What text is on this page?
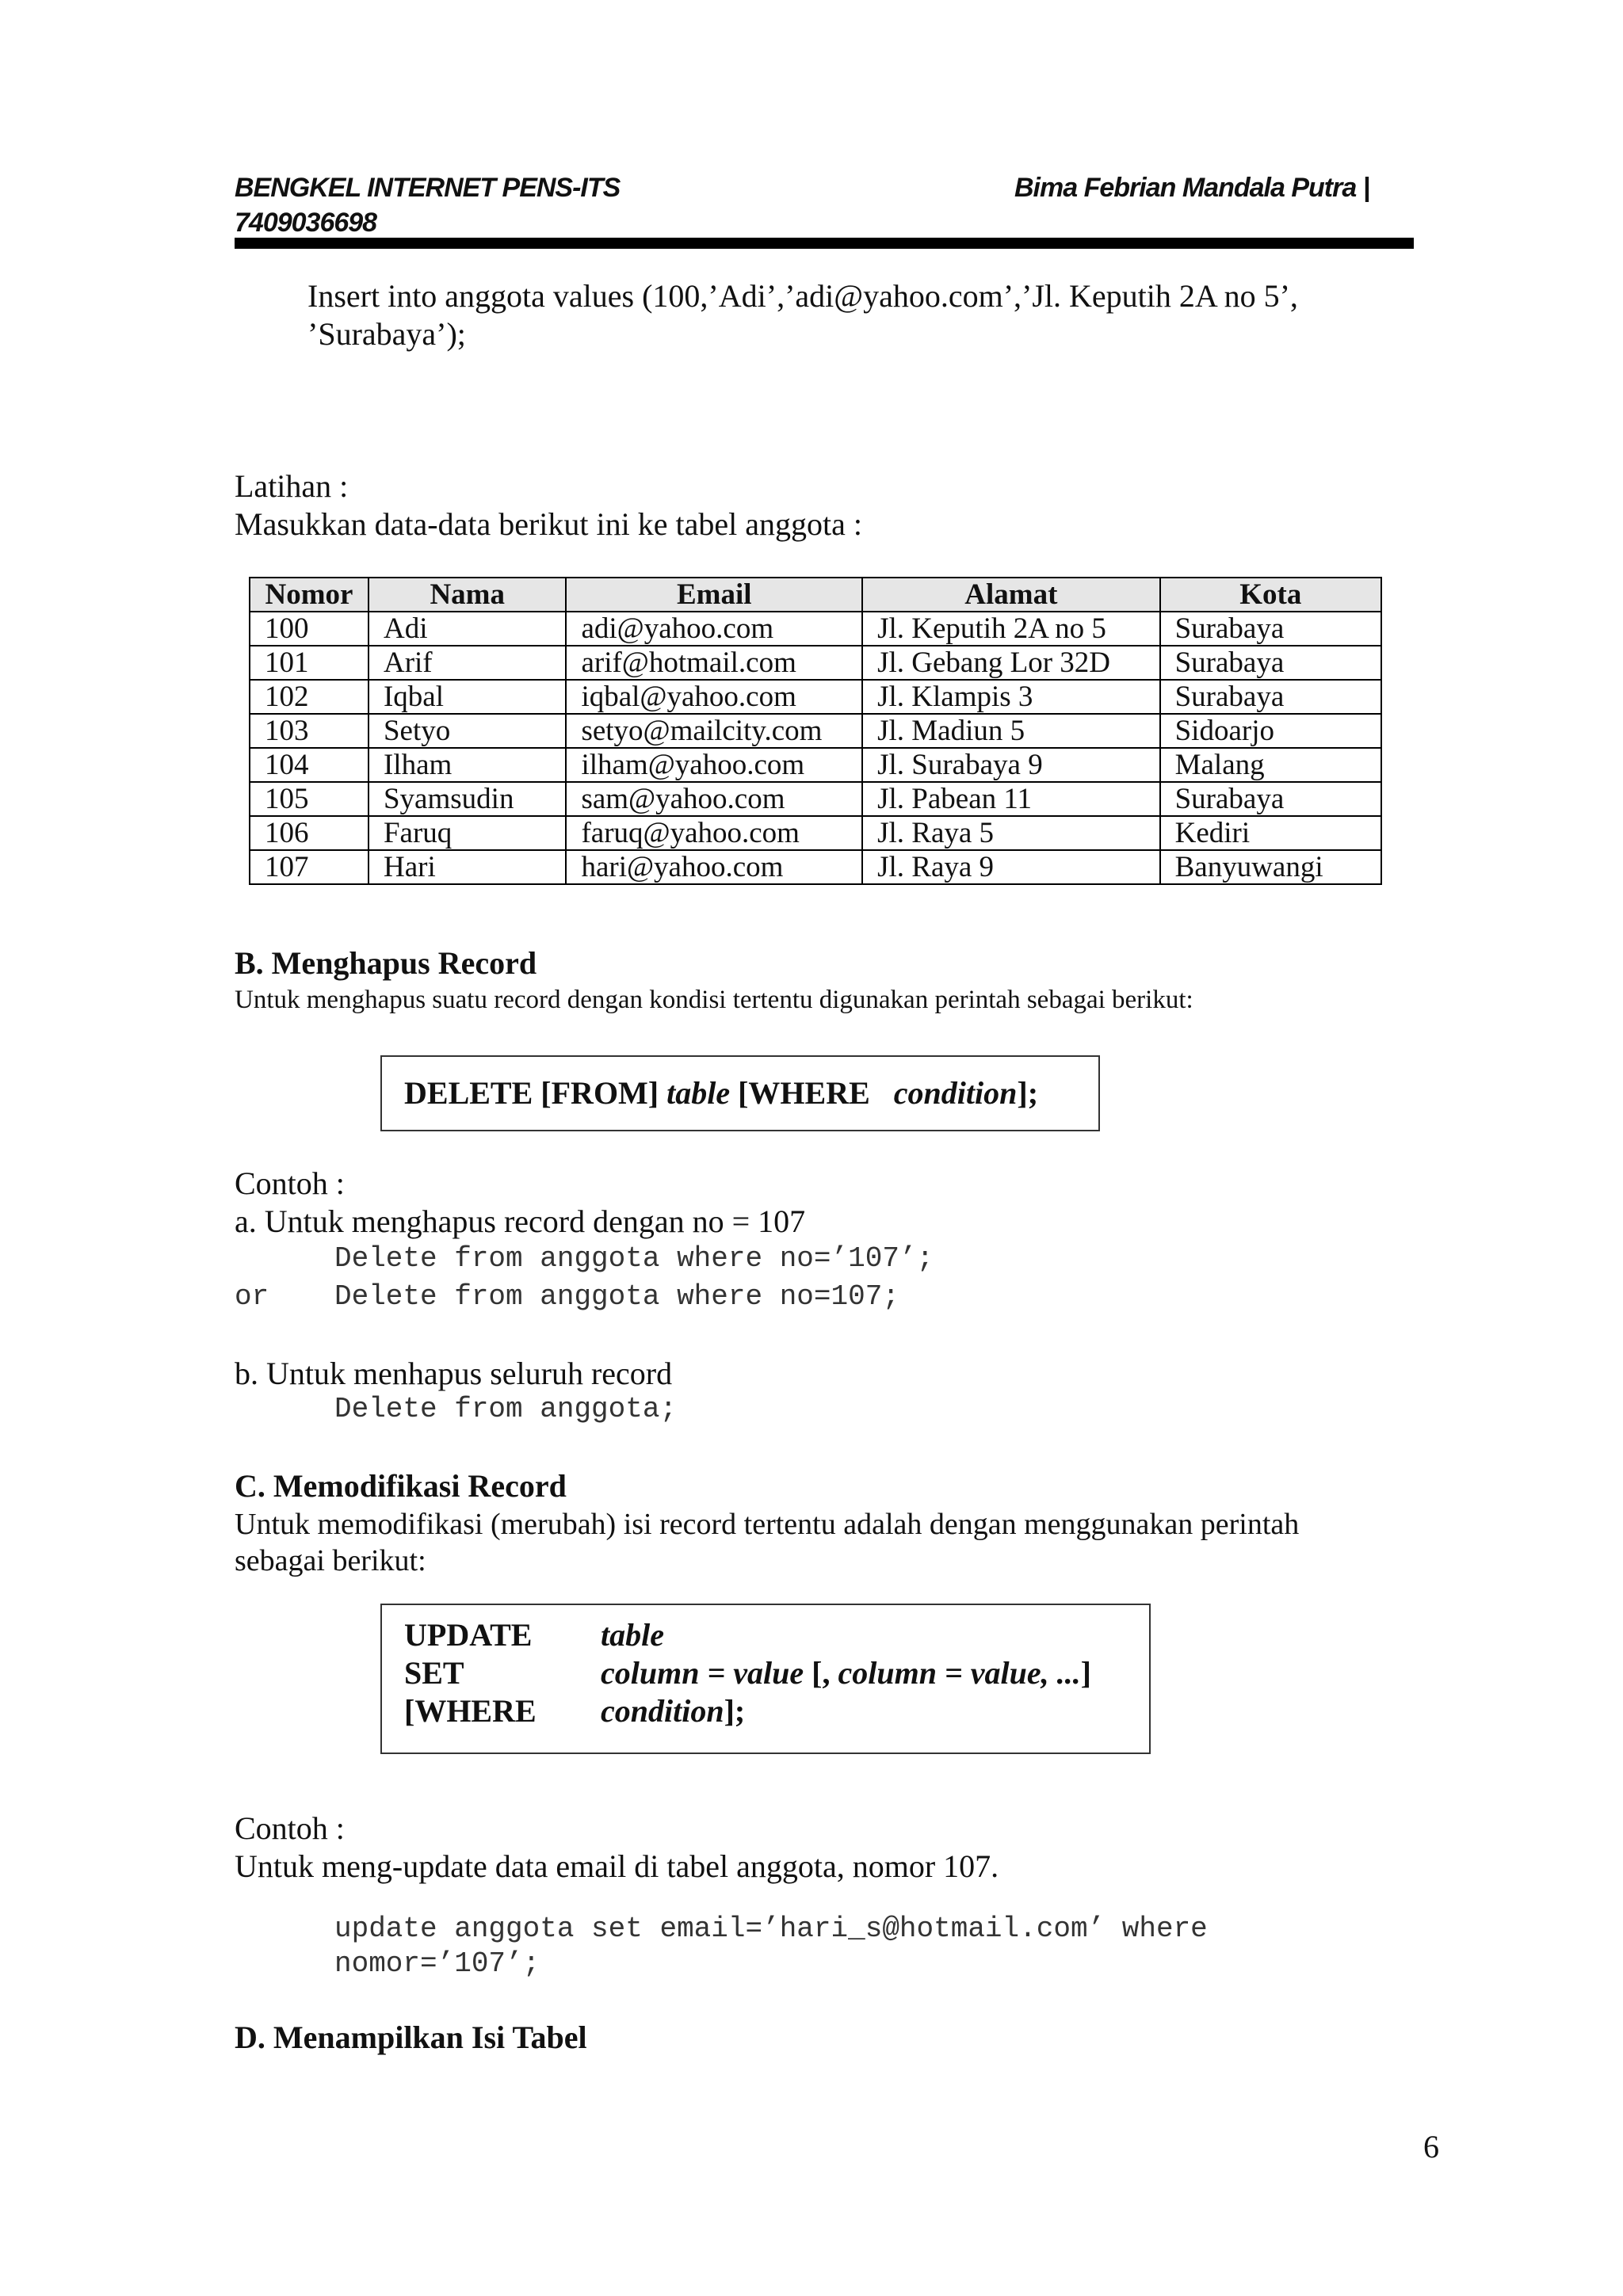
BENGKEL INTERNET PENS-ITS
7409036698
Bima Febrian Mandala Putra |
Insert into anggota values (100,’Adi’,’adi@yahoo.com’,’Jl. Keputih 2A no 5’,
’Surabaya’);
Latihan :
Masukkan data-data berikut ini ke tabel anggota :
Nomor	Nama	Email	Alamat	Kota
100	Adi	adi@yahoo.com	Jl. Keputih 2A no 5	Surabaya
101	Arif	arif@hotmail.com	Jl. Gebang Lor 32D	Surabaya
102	Iqbal	iqbal@yahoo.com	Jl. Klampis 3	Surabaya
103	Setyo	setyo@mailcity.com	Jl. Madiun 5	Sidoarjo
104	Ilham	ilham@yahoo.com	Jl. Surabaya 9	Malang
105	Syamsudin	sam@yahoo.com	Jl. Pabean 11	Surabaya
106	Faruq	faruq@yahoo.com	Jl. Raya 5	Kediri
107	Hari	hari@yahoo.com	Jl. Raya 9	Banyuwangi
B. Menghapus Record
Untuk menghapus suatu record dengan kondisi tertentu digunakan perintah sebagai berikut:
DELETE [FROM] table [WHERE condition];
Contoh :
a. Untuk menghapus record dengan no = 107
Delete from anggota where no=’107’;
or Delete from anggota where no=107;
b. Untuk menhapus seluruh record
Delete from anggota;
C. Memodifikasi Record
Untuk memodifikasi (merubah) isi record tertentu adalah dengan menggunakan perintah
sebagai berikut:
UPDATE table
SET	column = value [, column = value, ...]
[WHERE condition];
Contoh :
Untuk meng-update data email di tabel anggota, nomor 107.
update anggota set email=’hari_s@hotmail.com’ where
nomor=’107’;
D. Menampilkan Isi Tabel
6
